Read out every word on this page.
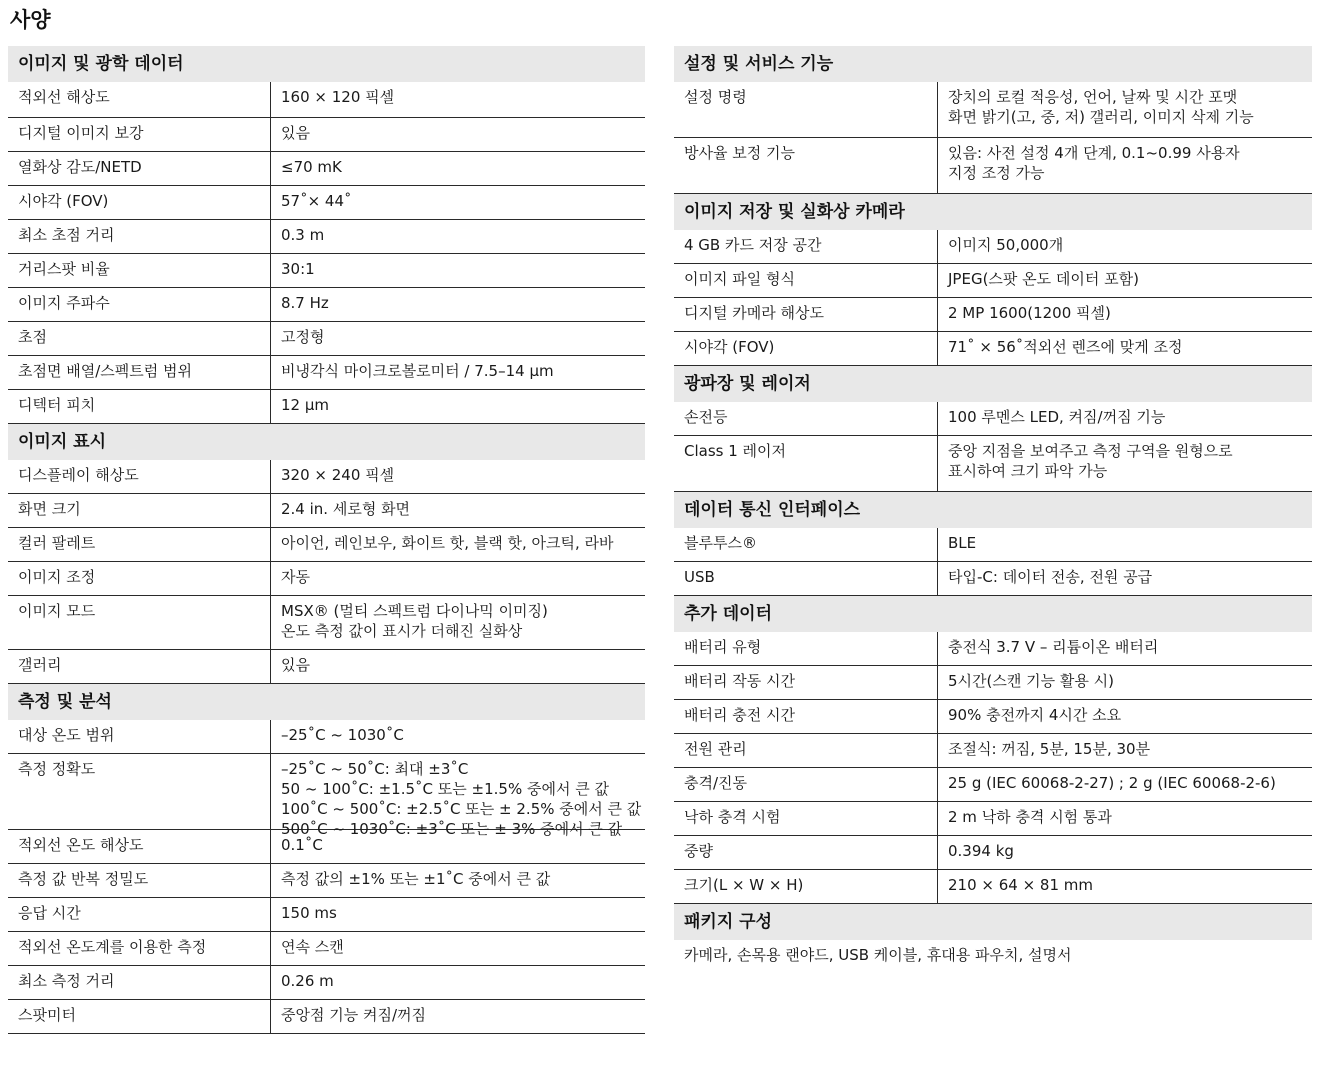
사양
이미지 및 광학 데이터
적외선 해상도	160 × 120 픽셀
디지털 이미지 보강	있음
열화상 감도/NETD	≤70 mK
시야각 (FOV)	57˚× 44˚
최소 초점 거리	0.3 m
거리스팟 비율	30:1
이미지 주파수	8.7 Hz
초점	고정형
초점면 배열/스펙트럼 범위	비냉각식 마이크로볼로미터 / 7.5–14 µm
디텍터 피치	12 µm
이미지 표시
디스플레이 해상도	320 × 240 픽셀
화면 크기	2.4 in. 세로형 화면
컬러 팔레트	아이언, 레인보우, 화이트 핫, 블랙 핫, 아크틱, 라바
이미지 조정	자동
이미지 모드	MSX® (멀티 스펙트럼 다이나믹 이미징)
온도 측정 값이 표시가 더해진 실화상
갤러리	있음
측정 및 분석
대상 온도 범위	–25˚C ~ 1030˚C
측정 정확도	–25˚C ~ 50˚C: 최대 ±3˚C
50 ~ 100˚C: ±1.5˚C 또는 ±1.5% 중에서 큰 값
100˚C ~ 500˚C: ±2.5˚C 또는 ± 2.5% 중에서 큰 값
500˚C ~ 1030˚C: ±3˚C 또는 ± 3% 중에서 큰 값
적외선 온도 해상도	0.1˚C
측정 값 반복 정밀도	측정 값의 ±1% 또는 ±1˚C 중에서 큰 값
응답 시간	150 ms
적외선 온도계를 이용한 측정	연속 스캔
최소 측정 거리	0.26 m
스팟미터	중앙점 기능 켜짐/꺼짐
설정 및 서비스 기능
설정 명령	장치의 로컬 적응성, 언어, 날짜 및 시간 포맷
화면 밝기(고, 중, 저) 갤러리, 이미지 삭제 기능
방사율 보정 기능	있음: 사전 설정 4개 단계, 0.1~0.99 사용자
지정 조정 가능
이미지 저장 및 실화상 카메라
4 GB 카드 저장 공간	이미지 50,000개
이미지 파일 형식	JPEG(스팟 온도 데이터 포함)
디지털 카메라 해상도	2 MP 1600(1200 픽셀)
시야각 (FOV)	71˚ × 56˚적외선 렌즈에 맞게 조정
광파장 및 레이저
손전등	100 루멘스 LED, 켜짐/꺼짐 기능
Class 1 레이저	중앙 지점을 보여주고 측정 구역을 원형으로
표시하여 크기 파악 가능
데이터 통신 인터페이스
블루투스®	BLE
USB	타입-C: 데이터 전송, 전원 공급
추가 데이터
배터리 유형	충전식 3.7 V – 리튬이온 배터리
배터리 작동 시간	5시간(스캔 기능 활용 시)
배터리 충전 시간	90% 충전까지 4시간 소요
전원 관리	조절식: 꺼짐, 5분, 15분, 30분
충격/진동	25 g (IEC 60068-2-27) ; 2 g (IEC 60068-2-6)
낙하 충격 시험	2 m 낙하 충격 시험 통과
중량	0.394 kg
크기(L × W × H)	210 × 64 × 81 mm
패키지 구성
카메라, 손목용 랜야드, USB 케이블, 휴대용 파우치, 설명서
